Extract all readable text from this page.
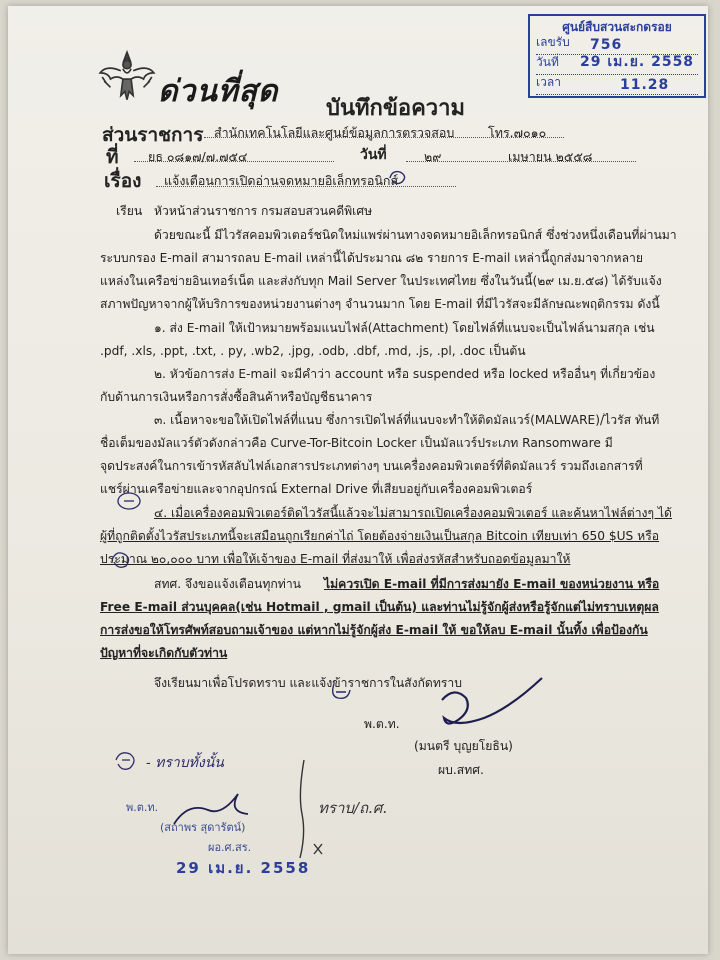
ศูนย์สืบสวนสะกดรอย
เลขรับ 756
วันที่ 29 เม.ย. 2558
เวลา	11.28
ด่วนที่สุด บันทึกข้อความ
ส่วนราชการ สำนักเทคโนโลยีและศูนย์ข้อมูลการตรวจสอบ	โทร.๗๐๑๐
ที่ ยธ ๐๘๑๗/๗.๗๕๔	วันที่	๒๙	เมษายน ๒๕๕๘
เรื่อง แจ้งเตือนการเปิดอ่านจดหมายอิเล็กทรอนิกส์
เรียน หัวหน้าส่วนราชการ กรมสอบสวนคดีพิเศษ
ด้วยขณะนี้ มีไวรัสคอมพิวเตอร์ชนิดใหม่แพร่ผ่านทางจดหมายอิเล็กทรอนิกส์ ซึ่งช่วงหนึ่งเดือนที่ผ่านมา
ระบบกรอง E-mail สามารถลบ E-mail เหล่านี้ได้ประมาณ ๘๒ รายการ E-mail เหล่านี้ถูกส่งมาจากหลาย
แหล่งในเครือข่ายอินเทอร์เน็ต และส่งกับทุก Mail Server ในประเทศไทย ซึ่งในวันนี้(๒๙ เม.ย.๕๘) ได้รับแจ้ง
สภาพปัญหาจากผู้ให้บริการของหน่วยงานต่างๆ จำนวนมาก โดย E-mail ที่มีไวรัสจะมีลักษณะพฤติกรรม ดังนี้
๑. ส่ง E-mail ให้เป้าหมายพร้อมแนบไฟล์(Attachment) โดยไฟล์ที่แนบจะเป็นไฟล์นามสกุล เช่น
.pdf, .xls, .ppt, .txt, . py, .wb2, .jpg, .odb, .dbf, .md, .js, .pl, .doc เป็นต้น
๒. หัวข้อการส่ง E-mail จะมีคำว่า account หรือ suspended หรือ locked หรืออื่นๆ ที่เกี่ยวข้อง
กับด้านการเงินหรือการสั่งซื้อสินค้าหรือบัญชีธนาคาร
๓. เนื้อหาจะขอให้เปิดไฟล์ที่แนบ ซึ่งการเปิดไฟล์ที่แนบจะทำให้ติดมัลแวร์(MALWARE)/ไวรัส ทันที
ชื่อเต็มของมัลแวร์ตัวดังกล่าวคือ Curve-Tor-Bitcoin Locker เป็นมัลแวร์ประเภท Ransomware มี
จุดประสงค์ในการเข้ารหัสลับไฟล์เอกสารประเภทต่างๆ บนเครื่องคอมพิวเตอร์ที่ติดมัลแวร์ รวมถึงเอกสารที่
แชร์ผ่านเครือข่ายและจากอุปกรณ์ External Drive ที่เสียบอยู่กับเครื่องคอมพิวเตอร์
๔. เมื่อเครื่องคอมพิวเตอร์ติดไวรัสนี้แล้วจะไม่สามารถเปิดเครื่องคอมพิวเตอร์ และค้นหาไฟล์ต่างๆ ได้
ผู้ที่ถูกติดตั้งไวรัสประเภทนี้จะเสมือนถูกเรียกค่าไถ่ โดยต้องจ่ายเงินเป็นสกุล Bitcoin เทียบเท่า 650 $US หรือ
ประมาณ ๒๐,๐๐๐ บาท เพื่อให้เจ้าของ E-mail ที่ส่งมาให้ เพื่อส่งรหัสสำหรับถอดข้อมูลมาให้
สทศ. จึงขอแจ้งเตือนทุกท่าน ไม่ควรเปิด E-mail ที่มีการส่งมายัง E-mail ของหน่วยงาน หรือ
Free E-mail ส่วนบุคคล(เช่น Hotmail , gmail เป็นต้น) และท่านไม่รู้จักผู้ส่งหรือรู้จักแต่ไม่ทราบเหตุผล
การส่งขอให้โทรศัพท์สอบถามเจ้าของ แต่หากไม่รู้จักผู้ส่ง E-mail ให้ ขอให้ลบ E-mail นั้นทิ้ง เพื่อป้องกัน
ปัญหาที่จะเกิดกับตัวท่าน
จึงเรียนมาเพื่อโปรดทราบ และแจ้งข้าราชการในสังกัดทราบ
พ.ต.ท.
(มนตรี บุญยโยธิน)
ผบ.สทศ.
- ทราบทั้งนั้น
ทราบ/ถ.ศ.
พ.ต.ท.
(สถาพร สุดารัตน์)
ผอ.ศ.สร.
29 เม.ย. 2558
